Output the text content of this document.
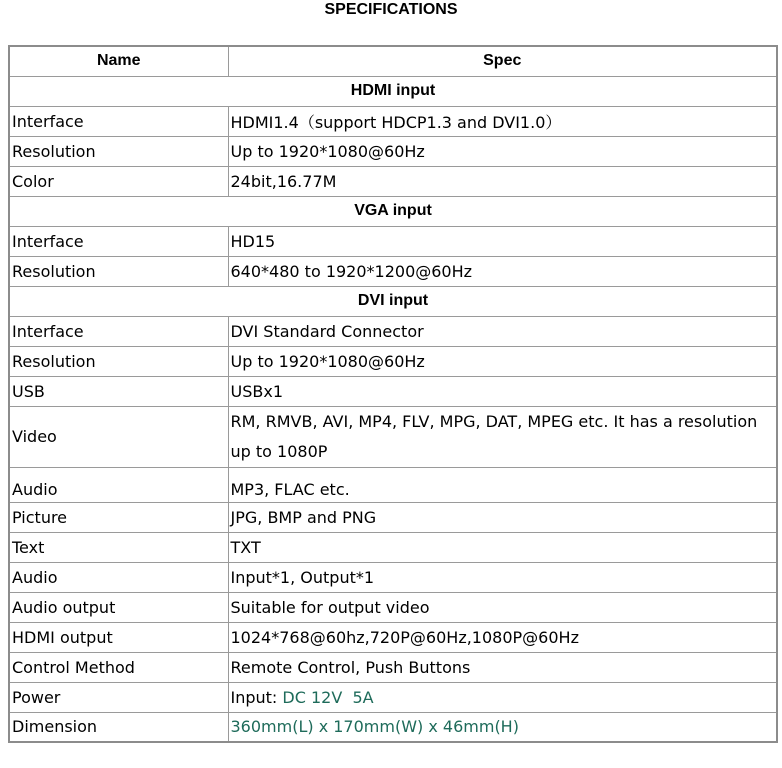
SPECIFICATIONS
Name	Spec
HDMI input	
Interface	HDMI1.4（support HDCP1.3 and DVI1.0）
Resolution	Up to 1920*1080@60Hz
Color	24bit,16.77M
VGA input	
Interface	HD15
Resolution	640*480 to 1920*1200@60Hz
DVI input	
Interface	DVI Standard Connector
Resolution	Up to 1920*1080@60Hz
USB	USBx1
Video	RM, RMVB, AVI, MP4, FLV, MPG, DAT, MPEG etc. It has a resolution up to 1080P
Audio	MP3, FLAC etc.
Picture	JPG, BMP and PNG
Text	TXT
Audio	Input*1, Output*1
Audio output	Suitable for output video
HDMI output	1024*768@60hz,720P@60Hz,1080P@60Hz
Control Method	Remote Control, Push Buttons
Power	Input: DC 12V  5A
Dimension	360mm(L) x 170mm(W) x 46mm(H)
